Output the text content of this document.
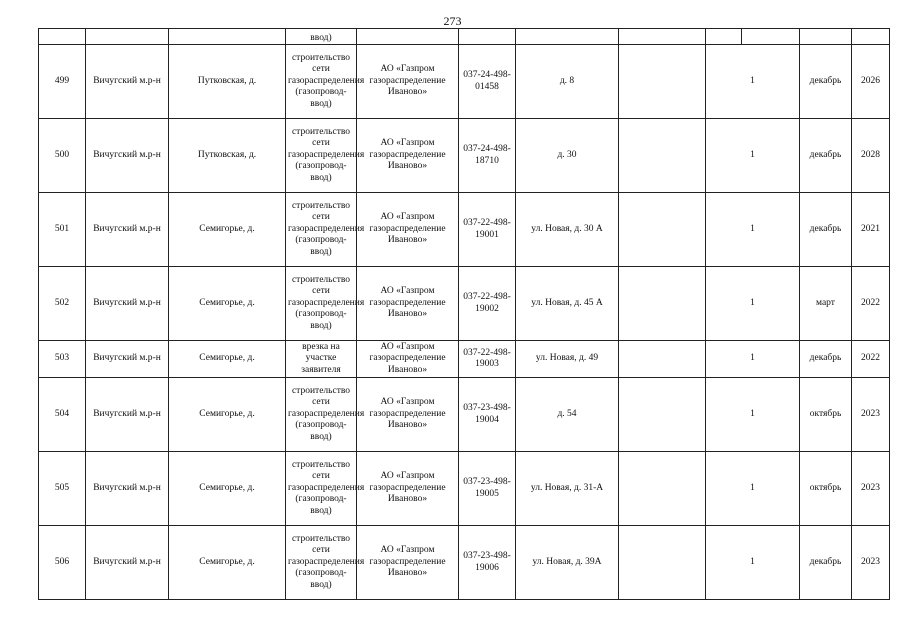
273
			ввод)								
499	Вичугский м.р-н	Путковская, д.	строительство сети газораспределения (газопровод-ввод)	АО «Газпром газораспределение Иваново»	037-24-498-01458	д. 8		1		декабрь	2026
500	Вичугский м.р-н	Путковская, д.	строительство сети газораспределения (газопровод-ввод)	АО «Газпром газораспределение Иваново»	037-24-498-18710	д. 30		1		декабрь	2028
501	Вичугский м.р-н	Семигорье, д.	строительство сети газораспределения (газопровод-ввод)	АО «Газпром газораспределение Иваново»	037-22-498-19001	ул. Новая, д. 30 А		1		декабрь	2021
502	Вичугский м.р-н	Семигорье, д.	строительство сети газораспределения (газопровод-ввод)	АО «Газпром газораспределение Иваново»	037-22-498-19002	ул. Новая, д. 45 А		1		март	2022
503	Вичугский м.р-н	Семигорье, д.	врезка на участке заявителя	АО «Газпром газораспределение Иваново»	037-22-498-19003	ул. Новая, д. 49		1		декабрь	2022
504	Вичугский м.р-н	Семигорье, д.	строительство сети газораспределения (газопровод-ввод)	АО «Газпром газораспределение Иваново»	037-23-498-19004	д. 54		1		октябрь	2023
505	Вичугский м.р-н	Семигорье, д.	строительство сети газораспределения (газопровод-ввод)	АО «Газпром газораспределение Иваново»	037-23-498-19005	ул. Новая, д. 31-А		1		октябрь	2023
506	Вичугский м.р-н	Семигорье, д.	строительство сети газораспределения (газопровод-ввод)	АО «Газпром газораспределение Иваново»	037-23-498-19006	ул. Новая, д. 39А		1		декабрь	2023
